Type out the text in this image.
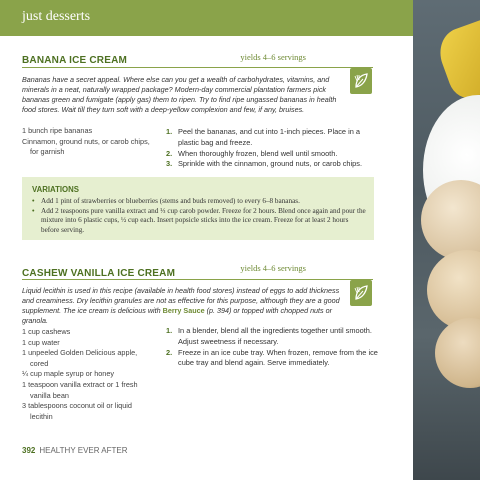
just desserts
BANANA ICE CREAM	yields 4–6 servings
Bananas have a secret appeal. Where else can you get a wealth of carbohydrates, vitamins, and minerals in a neat, naturally wrapped package? Modern-day commercial plantation farmers pick bananas green and fumigate (apply gas) them to ripen. Try to find ripe ungassed bananas in health food stores. Wait till they turn soft with a deep-yellow complexion and few, if any, bruises.
1 bunch ripe bananas
Cinnamon, ground nuts, or carob chips, for garnish
1. Peel the bananas, and cut into 1-inch pieces. Place in a plastic bag and freeze.
2. When thoroughly frozen, blend well until smooth.
3. Sprinkle with the cinnamon, ground nuts, or carob chips.
VARIATIONS
• Add 1 pint of strawberries or blueberries (stems and buds removed) to every 6–8 bananas.
• Add 2 teaspoons pure vanilla extract and ⅓ cup carob powder. Freeze for 2 hours. Blend once again and pour the mixture into 6 plastic cups, ½ cup each. Insert popsicle sticks into the ice cream. Freeze for at least 2 hours before serving.
CASHEW VANILLA ICE CREAM	yields 4–6 servings
Liquid lecithin is used in this recipe (available in health food stores) instead of eggs to add thickness and creaminess. Dry lecithin granules are not as effective for this purpose, although they are a good supplement. The ice cream is delicious with Berry Sauce (p. 394) or topped with chopped nuts or granola.
1 cup cashews
1 cup water
1 unpeeled Golden Delicious apple, cored
¼ cup maple syrup or honey
1 teaspoon vanilla extract or 1 fresh vanilla bean
3 tablespoons coconut oil or liquid lecithin
1. In a blender, blend all the ingredients together until smooth. Adjust sweetness if necessary.
2. Freeze in an ice cube tray. When frozen, remove from the ice cube tray and blend again. Serve immediately.
392 HEALTHY EVER AFTER
